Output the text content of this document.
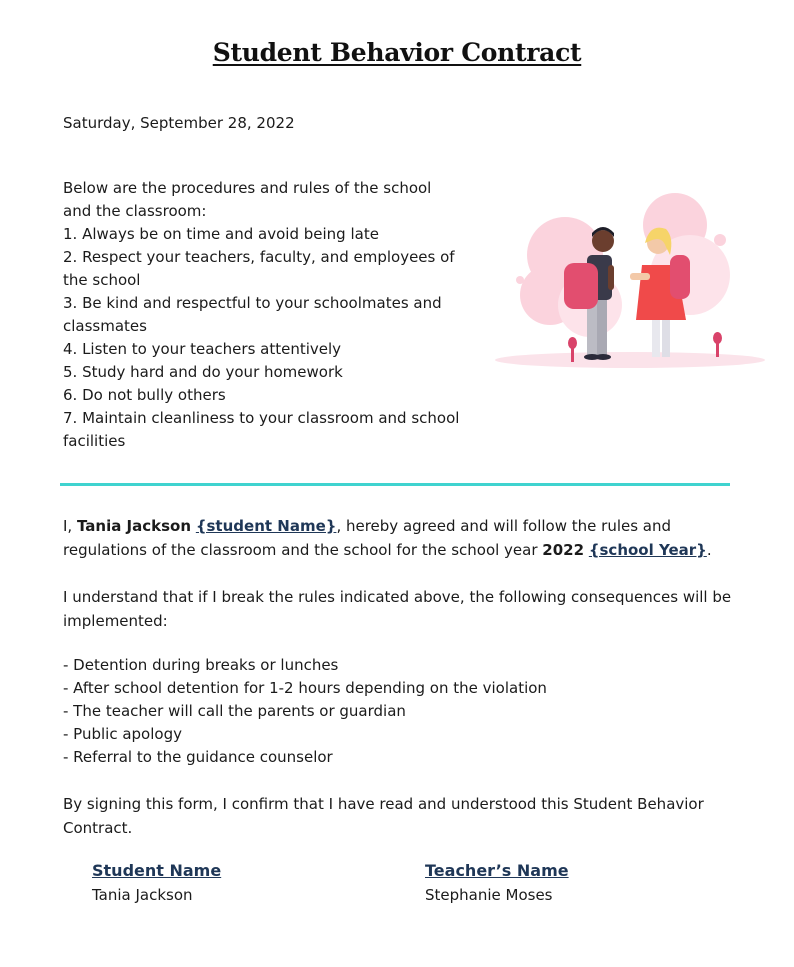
Student Behavior Contract
Saturday, September 28, 2022
Below are the procedures and rules of the school and the classroom:
1. Always be on time and avoid being late
2. Respect your teachers, faculty, and employees of the school
3. Be kind and respectful to your schoolmates and classmates
4. Listen to your teachers attentively
5. Study hard and do your homework
6. Do not bully others
7. Maintain cleanliness to your classroom and school facilities
I, Tania Jackson {student Name}, hereby agreed and will follow the rules and regulations of the classroom and the school for the school year 2022 {school Year}.
I understand that if I break the rules indicated above, the following consequences will be implemented:
- Detention during breaks or lunches
- After school detention for 1-2 hours depending on the violation
- The teacher will call the parents or guardian
- Public apology
- Referral to the guidance counselor
By signing this form, I confirm that I have read and understood this Student Behavior Contract.
Student Name
Tania Jackson
Teacher’s Name
Stephanie Moses
